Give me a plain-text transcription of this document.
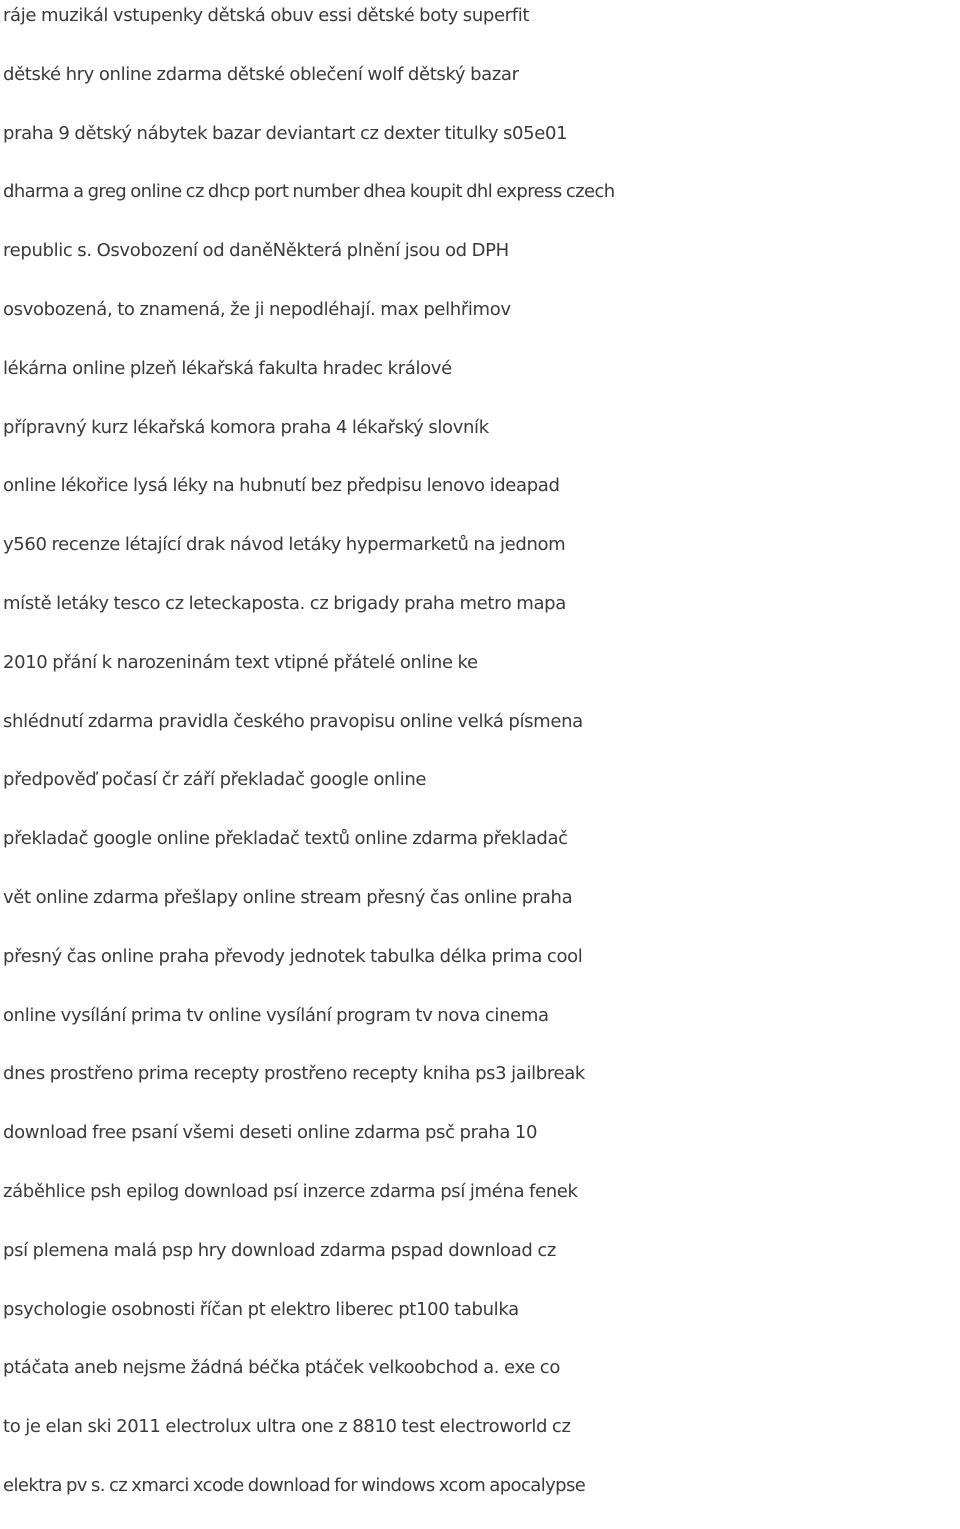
ráje muzikál vstupenky dětská obuv essi dětské boty superfit
dětské hry online zdarma dětské oblečení wolf dětský bazar
praha 9 dětský nábytek bazar deviantart cz dexter titulky s05e01
dharma a greg online cz dhcp port number dhea koupit dhl express czech
republic s. Osvobození od daněNěkterá plnění jsou od DPH
osvobozená, to znamená, že ji nepodléhají. max pelhřimov
lékárna online plzeň lékařská fakulta hradec králové
přípravný kurz lékařská komora praha 4 lékařský slovník
online lékořice lysá léky na hubnutí bez předpisu lenovo ideapad
y560 recenze létající drak návod letáky hypermarketů na jednom
místě letáky tesco cz leteckaposta. cz brigady praha metro mapa
2010 přání k narozeninám text vtipné přátelé online ke
shlédnutí zdarma pravidla českého pravopisu online velká písmena
předpověď počasí čr září překladač google online
překladač google online překladač textů online zdarma překladač
vět online zdarma přešlapy online stream přesný čas online praha
přesný čas online praha převody jednotek tabulka délka prima cool
online vysílání prima tv online vysílání program tv nova cinema
dnes prostřeno prima recepty prostřeno recepty kniha ps3 jailbreak
download free psaní všemi deseti online zdarma psč praha 10
záběhlice psh epilog download psí inzerce zdarma psí jména fenek
psí plemena malá psp hry download zdarma pspad download cz
psychologie osobnosti říčan pt elektro liberec pt100 tabulka
ptáčata aneb nejsme žádná béčka ptáček velkoobchod a. exe co
to je elan ski 2011 electrolux ultra one z 8810 test electroworld cz
elektra pv s. cz xmarci xcode download for windows xcom apocalypse
